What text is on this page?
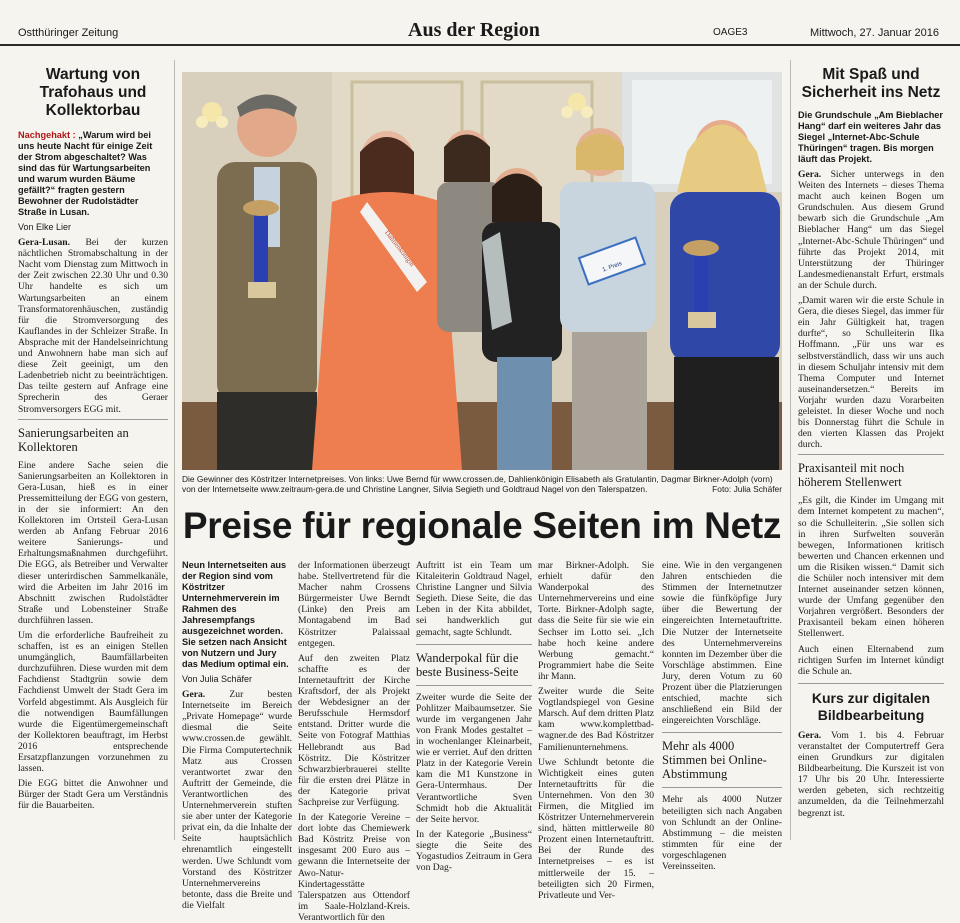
Ostthüringer Zeitung	Aus der Region	OAGE3	Mittwoch, 27. Januar 2016
Wartung von Trafohaus und Kollektorbau

Nachgehakt : „Warum wird bei uns heute Nacht für einige Zeit der Strom abgeschaltet? Was sind das für Wartungsarbeiten und warum wurden Bäume gefällt?“ fragten gestern Bewohner der Rudolstädter Straße in Lusan.

Von Elke Lier

Gera-Lusan. Bei der kurzen nächtlichen Stromabschaltung in der Nacht vom Dienstag zum Mittwoch in der Zeit zwischen 22.30 Uhr und 0.30 Uhr handelte es sich um Wartungsarbeiten an einem Transformatorenhäuschen, zuständig für die Stromversorgung des Kauflandes in der Schleizer Straße. In Absprache mit der Handelseinrichtung und Anwohnern habe man sich auf diese Zeit geeinigt, um den Ladenbetrieb nicht zu beeinträchtigen. Das teilte gestern auf Anfrage eine Sprecherin des Geraer Stromversorgers EGG mit.

Sanierungsarbeiten an Kollektoren

Eine andere Sache seien die Sanierungsarbeiten an Kollektoren in Gera-Lusan, hieß es in einer Pressemitteilung der EGG von gestern, in der sie informiert: An den Kollektoren im Ortsteil Gera-Lusan werden ab Anfang Februar 2016 weitere Sanierungs- und Erhaltungsmaßnahmen durchgeführt. Die EGG, als Betreiber und Verwalter dieser unterirdischen Sammelkanäle, wird die Arbeiten im Jahr 2016 im Abschnitt zwischen Rudolstädter Straße und Lobensteiner Straße durchführen lassen.

Um die erforderliche Baufreiheit zu schaffen, ist es an einigen Stellen unumgänglich, Baumfällarbeiten durchzuführen. Diese wurden mit dem Fachdienst Stadtgrün sowie dem Fachdienst Umwelt der Stadt Gera im Vorfeld abgestimmt. Als Ausgleich für die notwendigen Baumfällungen wurde die Eigentümergemeinschaft der Kollektoren beauftragt, im Herbst 2016 entsprechende Ersatzpflanzungen vorzunehmen zu lassen.

Die EGG bittet die Anwohner und Bürger der Stadt Gera um Verständnis für die Bauarbeiten.

Dahlienkönigin	1. Preis
Die Gewinner des Köstritzer Internetpreises. Von links: Uwe Bernd für www.crossen.de, Dahlienkönigin Elisabeth als Gratulantin, Dagmar Birkner-Adolph (vorn) von der Internetseite www.zeitraum-gera.de und Christine Langner, Silvia Segieth und Goldtraud Nagel von den Talerspatzen.	Foto: Julia Schäfer
Preise für regionale Seiten im Netz

Neun Internetseiten aus der Region sind vom Köstritzer Unternehmerverein im Rahmen des Jahresempfangs ausgezeichnet worden. Sie setzen nach Ansicht von Nutzern und Jury das Medium optimal ein.

Von Julia Schäfer

Gera.	Zur besten Internetseite im Bereich „Private Homepage“ wurde diesmal die Seite www.crossen.de gewählt. Die Firma Computertechnik Matz aus Crossen verantwortet zwar den Auftritt der Gemeinde, die Verantwortlichen des Unternehmerverein stuften sie aber unter der Kategorie privat ein, da die Inhalte der Seite hauptsächlich ehrenamtlich eingestellt werden. Uwe Schlundt vom Vorstand des Köstritzer Unternehmervereins betonte, dass die Breite und die Vielfalt

der Informationen überzeugt habe. Stellvertretend für die Macher nahm Crossens Bürgermeister Uwe Berndt (Linke) den Preis am Montagabend im Bad Köstritzer Palaissaal entgegen.

Auf den zweiten Platz schaffte es der Internetauftritt der Kirche Kraftsdorf, der als Projekt der Webdesigner an der Berufsschule Hermsdorf entstand. Dritter wurde die Seite von Fotograf Matthias Hellebrandt aus Bad Köstritz. Die Köstritzer Schwarzbierbrauerei stellte für die ersten drei Plätze in der Kategorie privat Sachpreise zur Verfügung.

In der Kategorie Vereine – dort lobte das Chemiewerk Bad Köstritz Preise von insgesamt 200 Euro aus – gewann die Internetseite der Awo-Natur-Kindertagesstätte Talerspatzen aus Ottendorf im Saale-Holzland-Kreis. Verantwortlich für den

Auftritt ist ein Team um Kitaleiterin Goldtraud Nagel, Christine Langner und Silvia Segieth. Diese Seite, die das Leben in der Kita abbildet, sei handwerklich gut gemacht, sagte Schlundt.

Wanderpokal für die beste Business-Seite

Zweiter wurde die Seite der Pohlitzer Maibaumsetzer. Sie wurde im vergangenen Jahr von Frank Modes gestaltet – in wochenlanger Kleinarbeit, wie er verriet. Auf den dritten Platz in der Kategorie Verein kam die M1 Kunstzone in Gera-Untermhaus. Der Verantwortliche Sven Schmidt hob die Aktualität der Seite hervor.

In der Kategorie „Business“ siegte die Seite des Yogastudios Zeitraum in Gera von Dag-

mar Birkner-Adolph. Sie erhielt dafür den Wanderpokal des Unternehmervereins und eine Torte. Birkner-Adolph sagte, dass die Seite für sie wie ein Sechser im Lotto sei. „Ich habe hoch keine andere Werbung gemacht.“ Programmiert habe die Seite ihr Mann.

Zweiter wurde die Seite Vogtlandspiegel von Gesine Marsch. Auf dem dritten Platz kam www.komplettbad-wagner.de des Bad Köstritzer Familienunternehmens.

Uwe Schlundt betonte die Wichtigkeit eines guten Internetauftritts für die Unternehmen. Von den 30 Firmen, die Mitglied im Köstritzer Unternehmerverein sind, hätten mittlerweile 80 Prozent einen Internetauftritt. Bei der Runde des Internetpreises – es ist mittlerweile der 15. – beteiligten sich 20 Firmen, Privatleute und Ver-

eine. Wie in den vergangenen Jahren entschieden die Stimmen der Internetnutzer sowie die fünfköpfige Jury über die Bewertung der eingereichten Internetauftritte. Die Nutzer der Internetseite des Unternehmervereins konnten im Dezember über die Vorschläge abstimmen. Eine Jury, deren Votum zu 60 Prozent über die Platzierungen entschied, machte sich anschließend ein Bild der eingereichten Vorschläge.

Mehr als 4000 Stimmen bei Online-Abstimmung

Mehr als 4000 Nutzer beteiligten sich nach Angaben von Schlundt an der Online-Abstimmung – die meisten stimmten für eine der vorgeschlagenen Vereinsseiten.

Mit Spaß und Sicherheit ins Netz

Die Grundschule „Am Bieblacher Hang“ darf ein weiteres Jahr das Siegel „Internet-Abc-Schule Thüringen“ tragen. Bis morgen läuft das Projekt.

Gera. Sicher unterwegs in den Weiten des Internets – dieses Thema macht auch keinen Bogen um Grundschulen. Aus diesem Grund bewarb sich die Grundschule „Am Bieblacher Hang“ um das Siegel „Internet-Abc-Schule Thüringen“ und führte das Projekt 2014, mit Unterstützung der Thüringer Landesmedienanstalt Erfurt, erstmals an der Schule durch.

„Damit waren wir die erste Schule in Gera, die dieses Siegel, das immer für ein Jahr Gültigkeit hat, tragen durfte“, so Schulleiterin Ilka Hoffmann. „Für uns war es selbstverständlich, dass wir uns auch in diesem Schuljahr intensiv mit dem Thema Computer und Internet auseinandersetzen.“ Bereits im Vorjahr wurden dazu Vorarbeiten geleistet. In dieser Woche und noch bis Donnerstag führt die Schule in den vierten Klassen das Projekt durch.

Praxisanteil mit noch höherem Stellenwert

„Es gilt, die Kinder im Umgang mit dem Internet kompetent zu machen“, so die Schulleiterin. „Sie sollen sich in ihren Surfwelten souverän bewegen, Informationen kritisch bewerten und Chancen erkennen und um die Risiken wissen.“ Damit sich die Schüler noch intensiver mit dem Internet auseinander setzen können, wurde der Umfang gegenüber den Vorjahren vergrößert. Besonders der Praxisanteil bekam einen höheren Stellenwert.

Auch einen Elternabend zum richtigen Surfen im Internet kündigt die Schule an.

Kurs zur digitalen Bildbearbeitung

Gera. Vom 1. bis 4. Februar veranstaltet der Computertreff Gera einen Grundkurs zur digitalen Bildbearbeitung. Die Kurszeit ist von 17 Uhr bis 20 Uhr. Interessierte werden gebeten, sich rechtzeitig anzumelden, da die Teilnehmerzahl begrenzt ist.
